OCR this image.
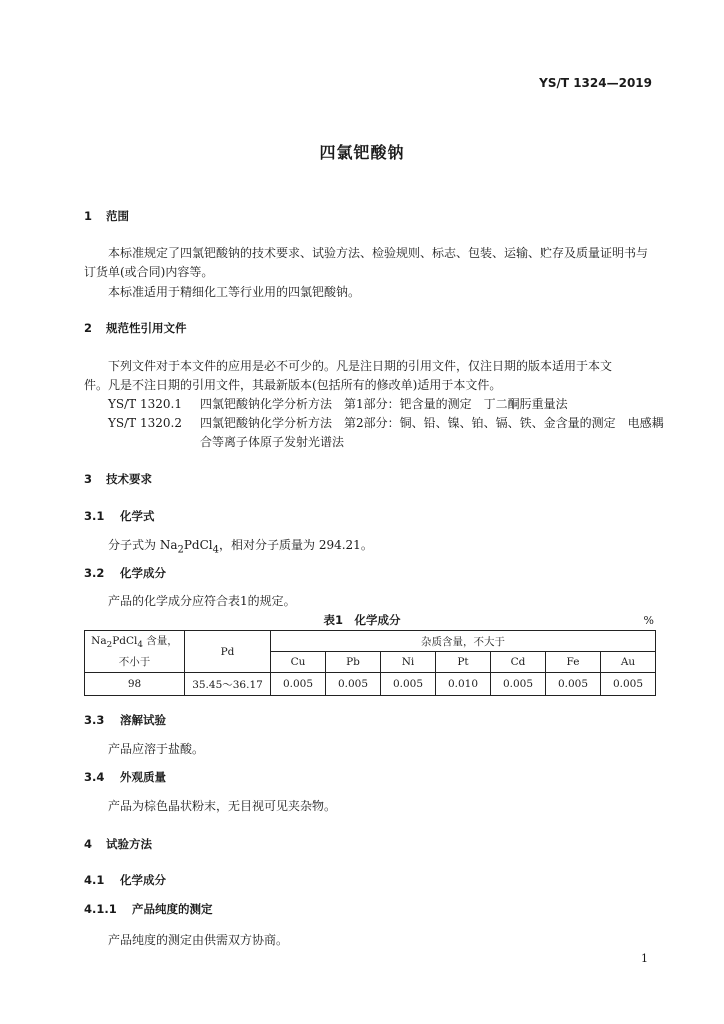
YS/T 1324—2019
四氯钯酸钠
1 范围
本标准规定了四氯钯酸钠的技术要求、试验方法、检验规则、标志、包装、运输、贮存及质量证明书与
订货单(或合同)内容等。
本标准适用于精细化工等行业用的四氯钯酸钠。
2 规范性引用文件
下列文件对于本文件的应用是必不可少的。凡是注日期的引用文件，仅注日期的版本适用于本文
件。凡是不注日期的引用文件，其最新版本(包括所有的修改单)适用于本文件。
YS/T 1320.1 四氯钯酸钠化学分析方法　第1部分：钯含量的测定　丁二酮肟重量法
YS/T 1320.2 四氯钯酸钠化学分析方法　第2部分：铜、铅、镍、铂、镉、铁、金含量的测定　电感耦
合等离子体原子发射光谱法
3 技术要求
3.1 化学式
分子式为 $Na_2PdCl_4$，相对分子质量为 294.21。
3.2 化学成分
产品的化学成分应符合表1的规定。
表1　化学成分	%
$Na_2PdCl_4$ 含量，
不小于	Pd	杂质含量，不大于						
		Cu	Pb	Ni	Pt	Cd	Fe	Au
98	35.45～36.17	0.005	0.005	0.005	0.010	0.005	0.005	0.005
3.3 溶解试验
产品应溶于盐酸。
3.4 外观质量
产品为棕色晶状粉末，无目视可见夹杂物。
4 试验方法
4.1 化学成分
4.1.1 产品纯度的测定
产品纯度的测定由供需双方协商。
1
